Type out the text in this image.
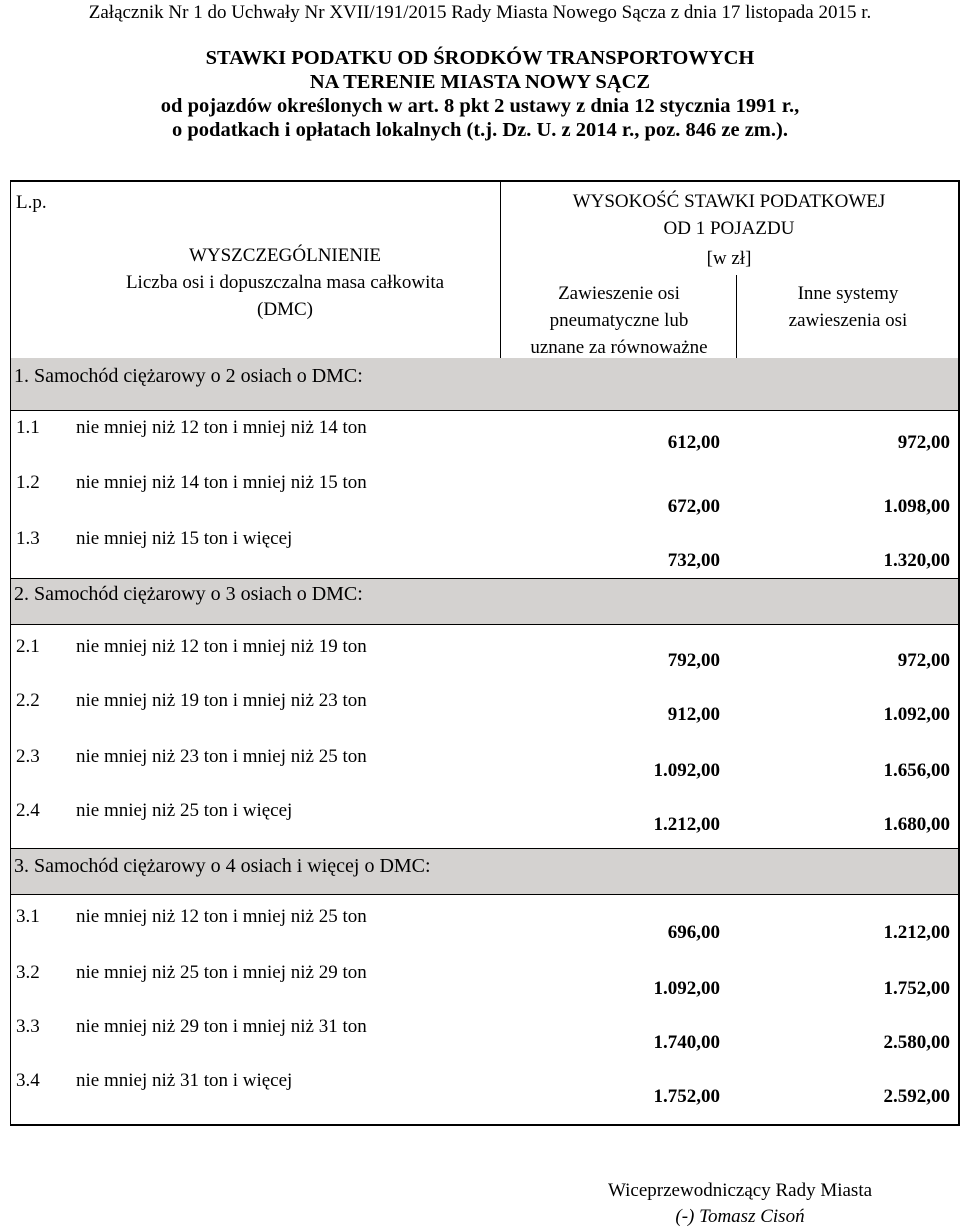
Załącznik Nr 1 do Uchwały Nr XVII/191/2015 Rady Miasta Nowego Sącza z dnia 17 listopada 2015 r.
STAWKI PODATKU OD ŚRODKÓW TRANSPORTOWYCH
NA TERENIE MIASTA NOWY SĄCZ
od pojazdów określonych w art. 8 pkt 2 ustawy z dnia 12 stycznia 1991 r.,
o podatkach i opłatach lokalnych (t.j. Dz. U. z 2014 r., poz. 846 ze zm.).
L.p.
WYSZCZEGÓLNIENIE
Liczba osi i dopuszczalna masa całkowita
(DMC)
WYSOKOŚĆ STAWKI PODATKOWEJ
OD 1 POJAZDU
[w zł]
Zawieszenie osi
pneumatyczne lub
uznane za równoważne
Inne systemy
zawieszenia osi
1. Samochód ciężarowy o 2 osiach o DMC:
1.1 nie mniej niż 12 ton i mniej niż 14 ton
612,00	972,00
1.2 nie mniej niż 14 ton i mniej niż 15 ton
672,00	1.098,00
1.3 nie mniej niż 15 ton i więcej
732,00	1.320,00
2. Samochód ciężarowy o 3 osiach o DMC:
2.1 nie mniej niż 12 ton i mniej niż 19 ton
792,00	972,00
2.2 nie mniej niż 19 ton i mniej niż 23 ton
912,00	1.092,00
2.3 nie mniej niż 23 ton i mniej niż 25 ton
1.092,00	1.656,00
2.4 nie mniej niż 25 ton i więcej
1.212,00	1.680,00
3. Samochód ciężarowy o 4 osiach i więcej o DMC:
3.1 nie mniej niż 12 ton i mniej niż 25 ton
696,00	1.212,00
3.2 nie mniej niż 25 ton i mniej niż 29 ton
1.092,00	1.752,00
3.3 nie mniej niż 29 ton i mniej niż 31 ton
1.740,00	2.580,00
3.4 nie mniej niż 31 ton i więcej
1.752,00	2.592,00
Wiceprzewodniczący Rady Miasta
(-) Tomasz Cisoń
